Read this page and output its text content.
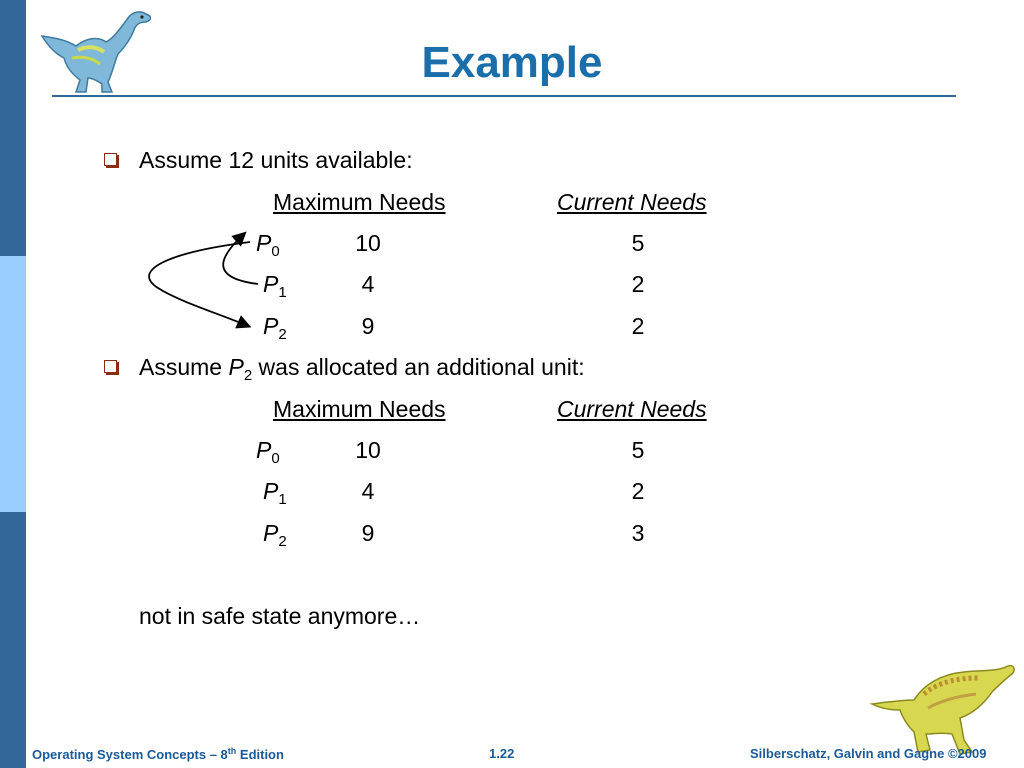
Example
Assume 12 units available:
Maximum Needs	Current Needs
$P_0$	10	5
$P_1$	4	2
$P_2$	9	2
Assume $P_2$ was allocated an additional unit:
Maximum Needs	Current Needs
$P_0$	10	5
$P_1$	4	2
$P_2$	9	3
not in safe state anymore…
Operating System Concepts – 8th Edition	1.22	Silberschatz, Galvin and Gagne ©2009
